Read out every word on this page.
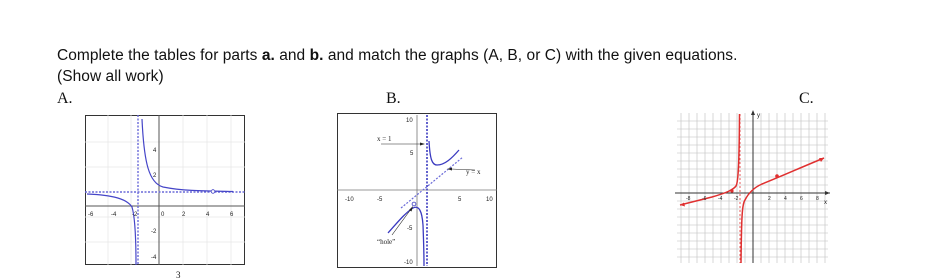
Complete the tables for parts a. and b. and match the graphs (A, B, or C) with the given equations.
(Show all work)
A.	B.	C.
-6	-4	-2	0	2	4	6
4
2
-2
-4
-10	-5	5	10
10
5
-5
-10
x = 1
y = x
“hole”
y
x
-8 -6 -4 -2	2	4	6	8
3
